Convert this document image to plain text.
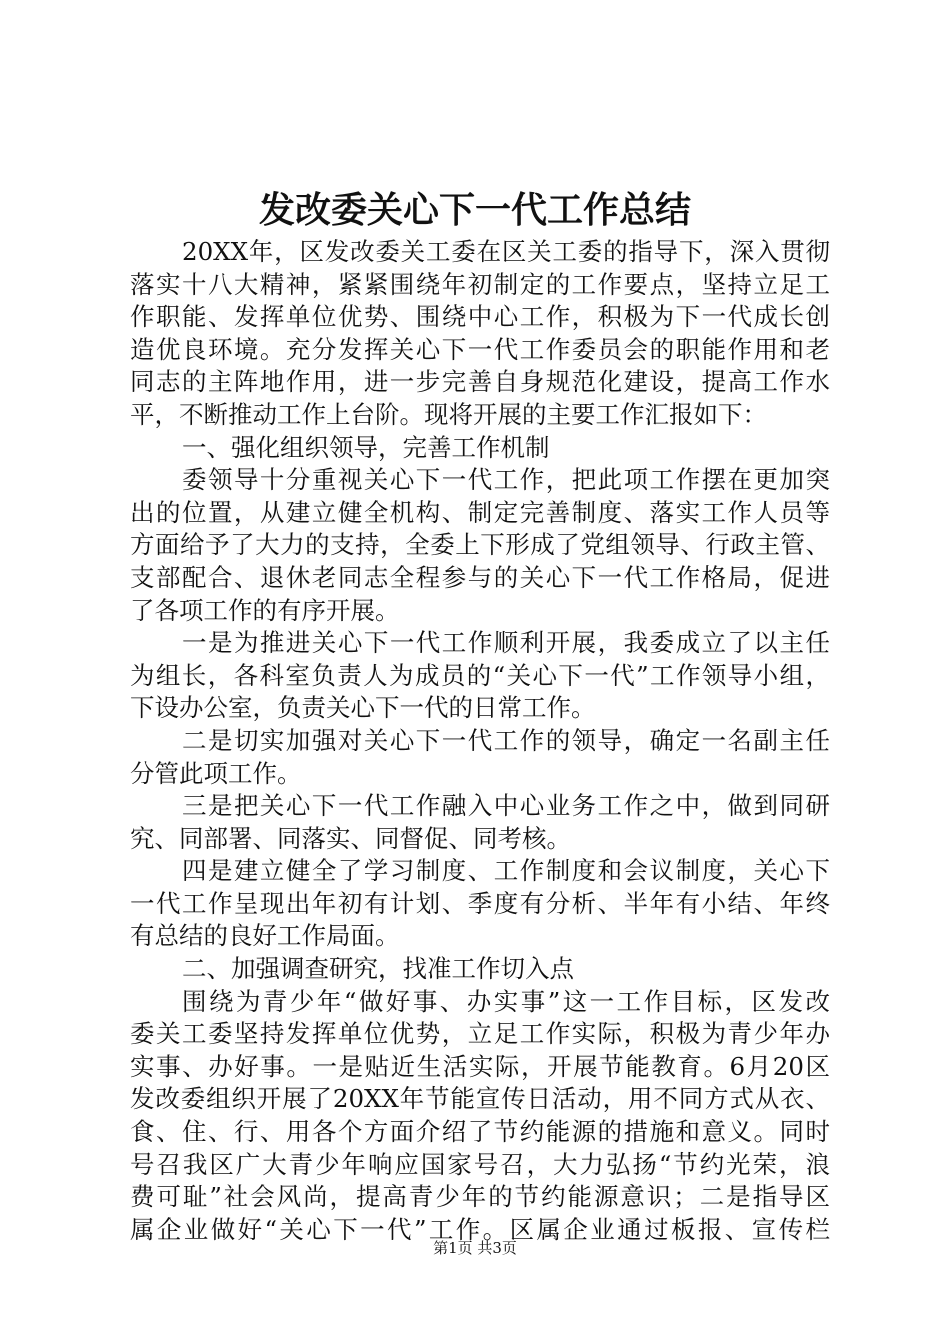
发改委关心下一代工作总结
20XX年，区发改委关工委在区关工委的指导下，深入贯彻
落实十八大精神，紧紧围绕年初制定的工作要点，坚持立足工
作职能、发挥单位优势、围绕中心工作，积极为下一代成长创
造优良环境。充分发挥关心下一代工作委员会的职能作用和老
同志的主阵地作用，进一步完善自身规范化建设，提高工作水
平，不断推动工作上台阶。现将开展的主要工作汇报如下：
一、强化组织领导，完善工作机制
委领导十分重视关心下一代工作，把此项工作摆在更加突
出的位置，从建立健全机构、制定完善制度、落实工作人员等
方面给予了大力的支持，全委上下形成了党组领导、行政主管、
支部配合、退休老同志全程参与的关心下一代工作格局，促进
了各项工作的有序开展。
一是为推进关心下一代工作顺利开展，我委成立了以主任
为组长，各科室负责人为成员的“关心下一代”工作领导小组，
下设办公室，负责关心下一代的日常工作。
二是切实加强对关心下一代工作的领导，确定一名副主任
分管此项工作。
三是把关心下一代工作融入中心业务工作之中，做到同研
究、同部署、同落实、同督促、同考核。
四是建立健全了学习制度、工作制度和会议制度，关心下
一代工作呈现出年初有计划、季度有分析、半年有小结、年终
有总结的良好工作局面。
二、加强调查研究，找准工作切入点
围绕为青少年“做好事、办实事”这一工作目标，区发改
委关工委坚持发挥单位优势，立足工作实际，积极为青少年办
实事、办好事。一是贴近生活实际，开展节能教育。6月20区
发改委组织开展了20XX年节能宣传日活动，用不同方式从衣、
食、住、行、用各个方面介绍了节约能源的措施和意义。同时
号召我区广大青少年响应国家号召，大力弘扬“节约光荣，浪
费可耻”社会风尚，提高青少年的节约能源意识；二是指导区
属企业做好“关心下一代”工作。区属企业通过板报、宣传栏
第1页 共3页
